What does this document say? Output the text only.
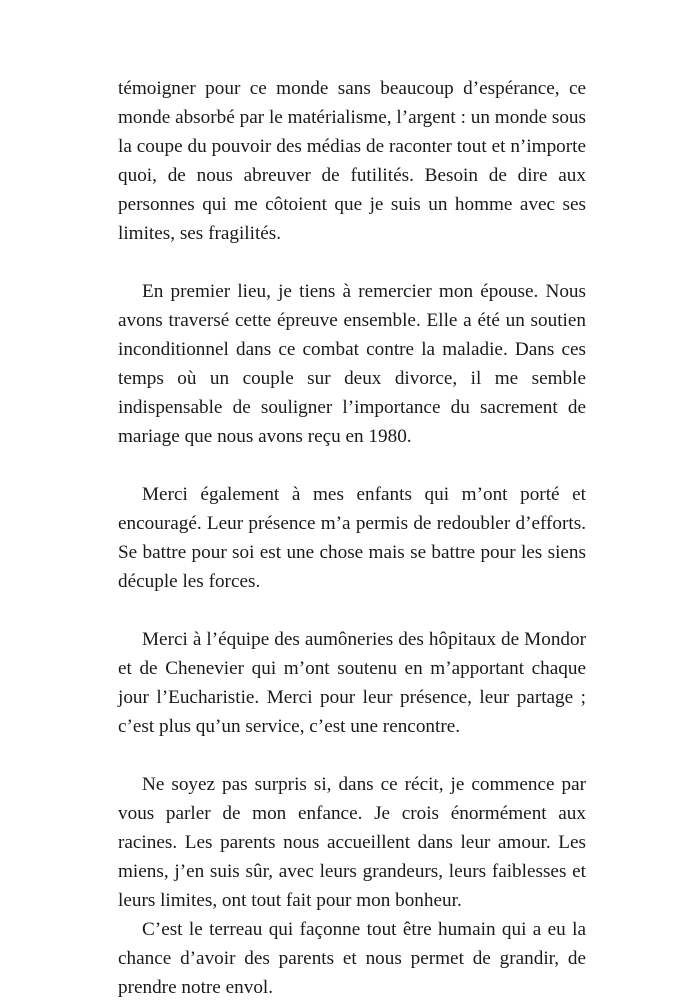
témoigner pour ce monde sans beaucoup d’espérance, ce monde absorbé par le matérialisme, l’argent : un monde sous la coupe du pouvoir des médias de raconter tout et n’importe quoi, de nous abreuver de futilités. Besoin de dire aux personnes qui me côtoient que je suis un homme avec ses limites, ses fragilités.

En premier lieu, je tiens à remercier mon épouse. Nous avons traversé cette épreuve ensemble. Elle a été un soutien inconditionnel dans ce combat contre la maladie. Dans ces temps où un couple sur deux divorce, il me semble indispensable de souligner l’importance du sacrement de mariage que nous avons reçu en 1980.

Merci également à mes enfants qui m’ont porté et encouragé. Leur présence m’a permis de redoubler d’efforts. Se battre pour soi est une chose mais se battre pour les siens décuple les forces.

Merci à l’équipe des aumôneries des hôpitaux de Mondor et de Chenevier qui m’ont soutenu en m’apportant chaque jour l’Eucharistie. Merci pour leur présence, leur partage ; c’est plus qu’un service, c’est une rencontre.

Ne soyez pas surpris si, dans ce récit, je commence par vous parler de mon enfance. Je crois énormément aux racines. Les parents nous accueillent dans leur amour. Les miens, j’en suis sûr, avec leurs grandeurs, leurs faiblesses et leurs limites, ont tout fait pour mon bonheur.

C’est le terreau qui façonne tout être humain qui a eu la chance d’avoir des parents et nous permet de grandir, de prendre notre envol.
